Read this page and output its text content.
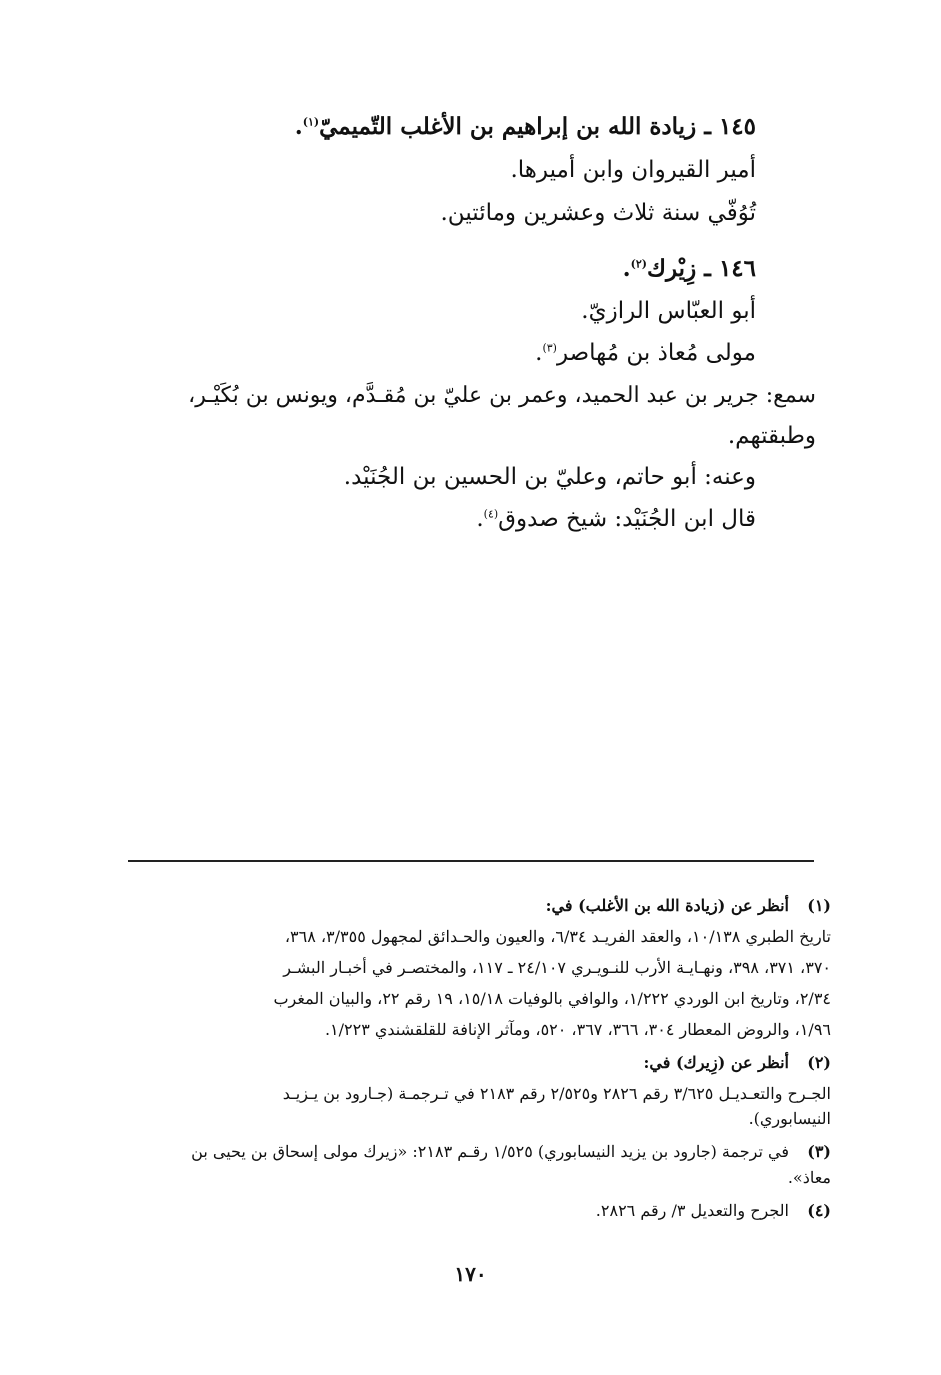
١٤٥ ـ زيادة الله بن إبراهيم بن الأغلب التّميميّ$^{(١)}$.
أمير القيروان وابن أميرها.
تُوُفّي سنة ثلاث وعشرين ومائتين.
١٤٦ ـ زِيْرك$^{(٢)}$.
أبو العبّاس الرازيّ.
مولى مُعاذ بن مُهاصر$^{(٣)}$.
سمع: جرير بن عبد الحميد، وعمر بن عليّ بن مُقـدَّم، ويونس بن بُكَيْـر،
وطبقتهم.
وعنه: أبو حاتم، وعليّ بن الحسين بن الجُنَيْد.
قال ابن الجُنَيْد: شيخ صدوق$^{(٤)}$.
(١)أنظر عن (زيادة الله بن الأغلب) في:
تاريخ الطبري ١٠/١٣٨، والعقد الفريـد ٦/٣٤، والعيون والحـدائق لمجهول ٣/٣٥٥، ٣٦٨،
٣٧٠، ٣٧١، ٣٩٨، ونهـايـة الأرب للنـويـري ٢٤/١٠٧ ـ ١١٧، والمختصـر في أخبـار البشـر
٢/٣٤، وتاريخ ابن الوردي ١/٢٢٢، والوافي بالوفيات ١٥/١٨، ١٩ رقم ٢٢، والبيان المغرب
١/٩٦، والروض المعطار ٣٠٤، ٣٦٦، ٣٦٧، ٥٢٠، ومآثر الإنافة للقلقشندي ١/٢٢٣.
(٢)أنظر عن (زِيرك) في:
الجـرح والتعـديـل ٣/٦٢٥ رقم ٢٨٢٦ و٢/٥٢٥ رقم ٢١٨٣ في تـرجمـة (جـارود بن يـزيـد
النيسابوري).
(٣)في ترجمة (جارود بن يزيد النيسابوري) ١/٥٢٥ رقـم ٢١٨٣: «زيرك مولى إسحاق بن يحيى بن
معاذ».
(٤)الجرح والتعديل ٣/ رقم ٢٨٢٦.
١٧٠
